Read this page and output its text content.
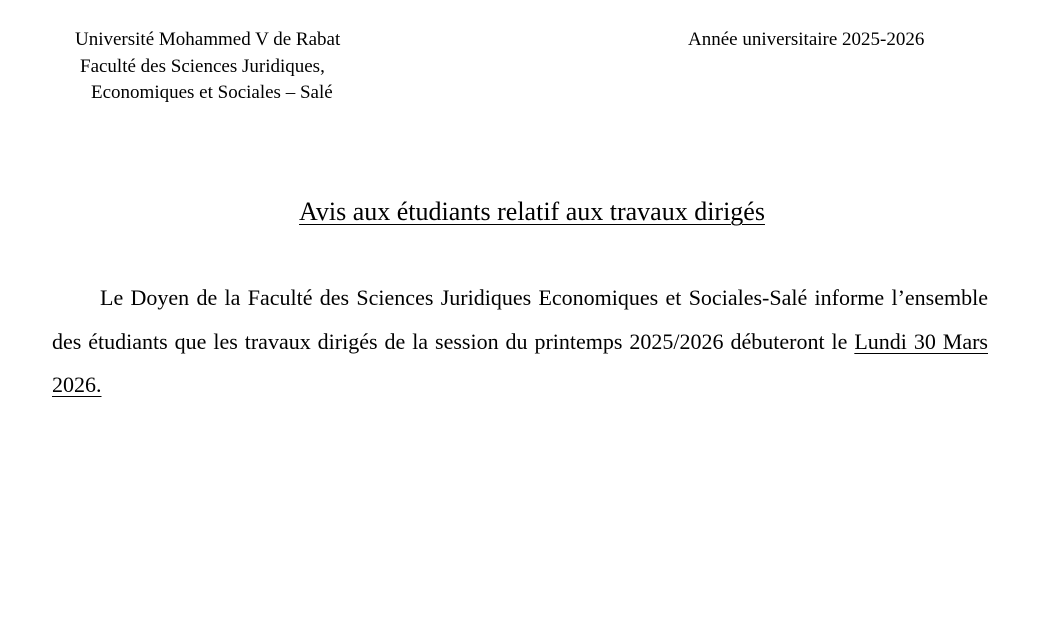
Université Mohammed V de Rabat
Faculté des Sciences Juridiques,
Economiques et Sociales – Salé
Année universitaire 2025-2026
Avis aux étudiants relatif aux travaux dirigés

Le Doyen de la Faculté des Sciences Juridiques Economiques et Sociales-Salé informe l’ensemble des étudiants que les travaux dirigés de la session du printemps 2025/2026 débuteront le Lundi 30 Mars 2026.
